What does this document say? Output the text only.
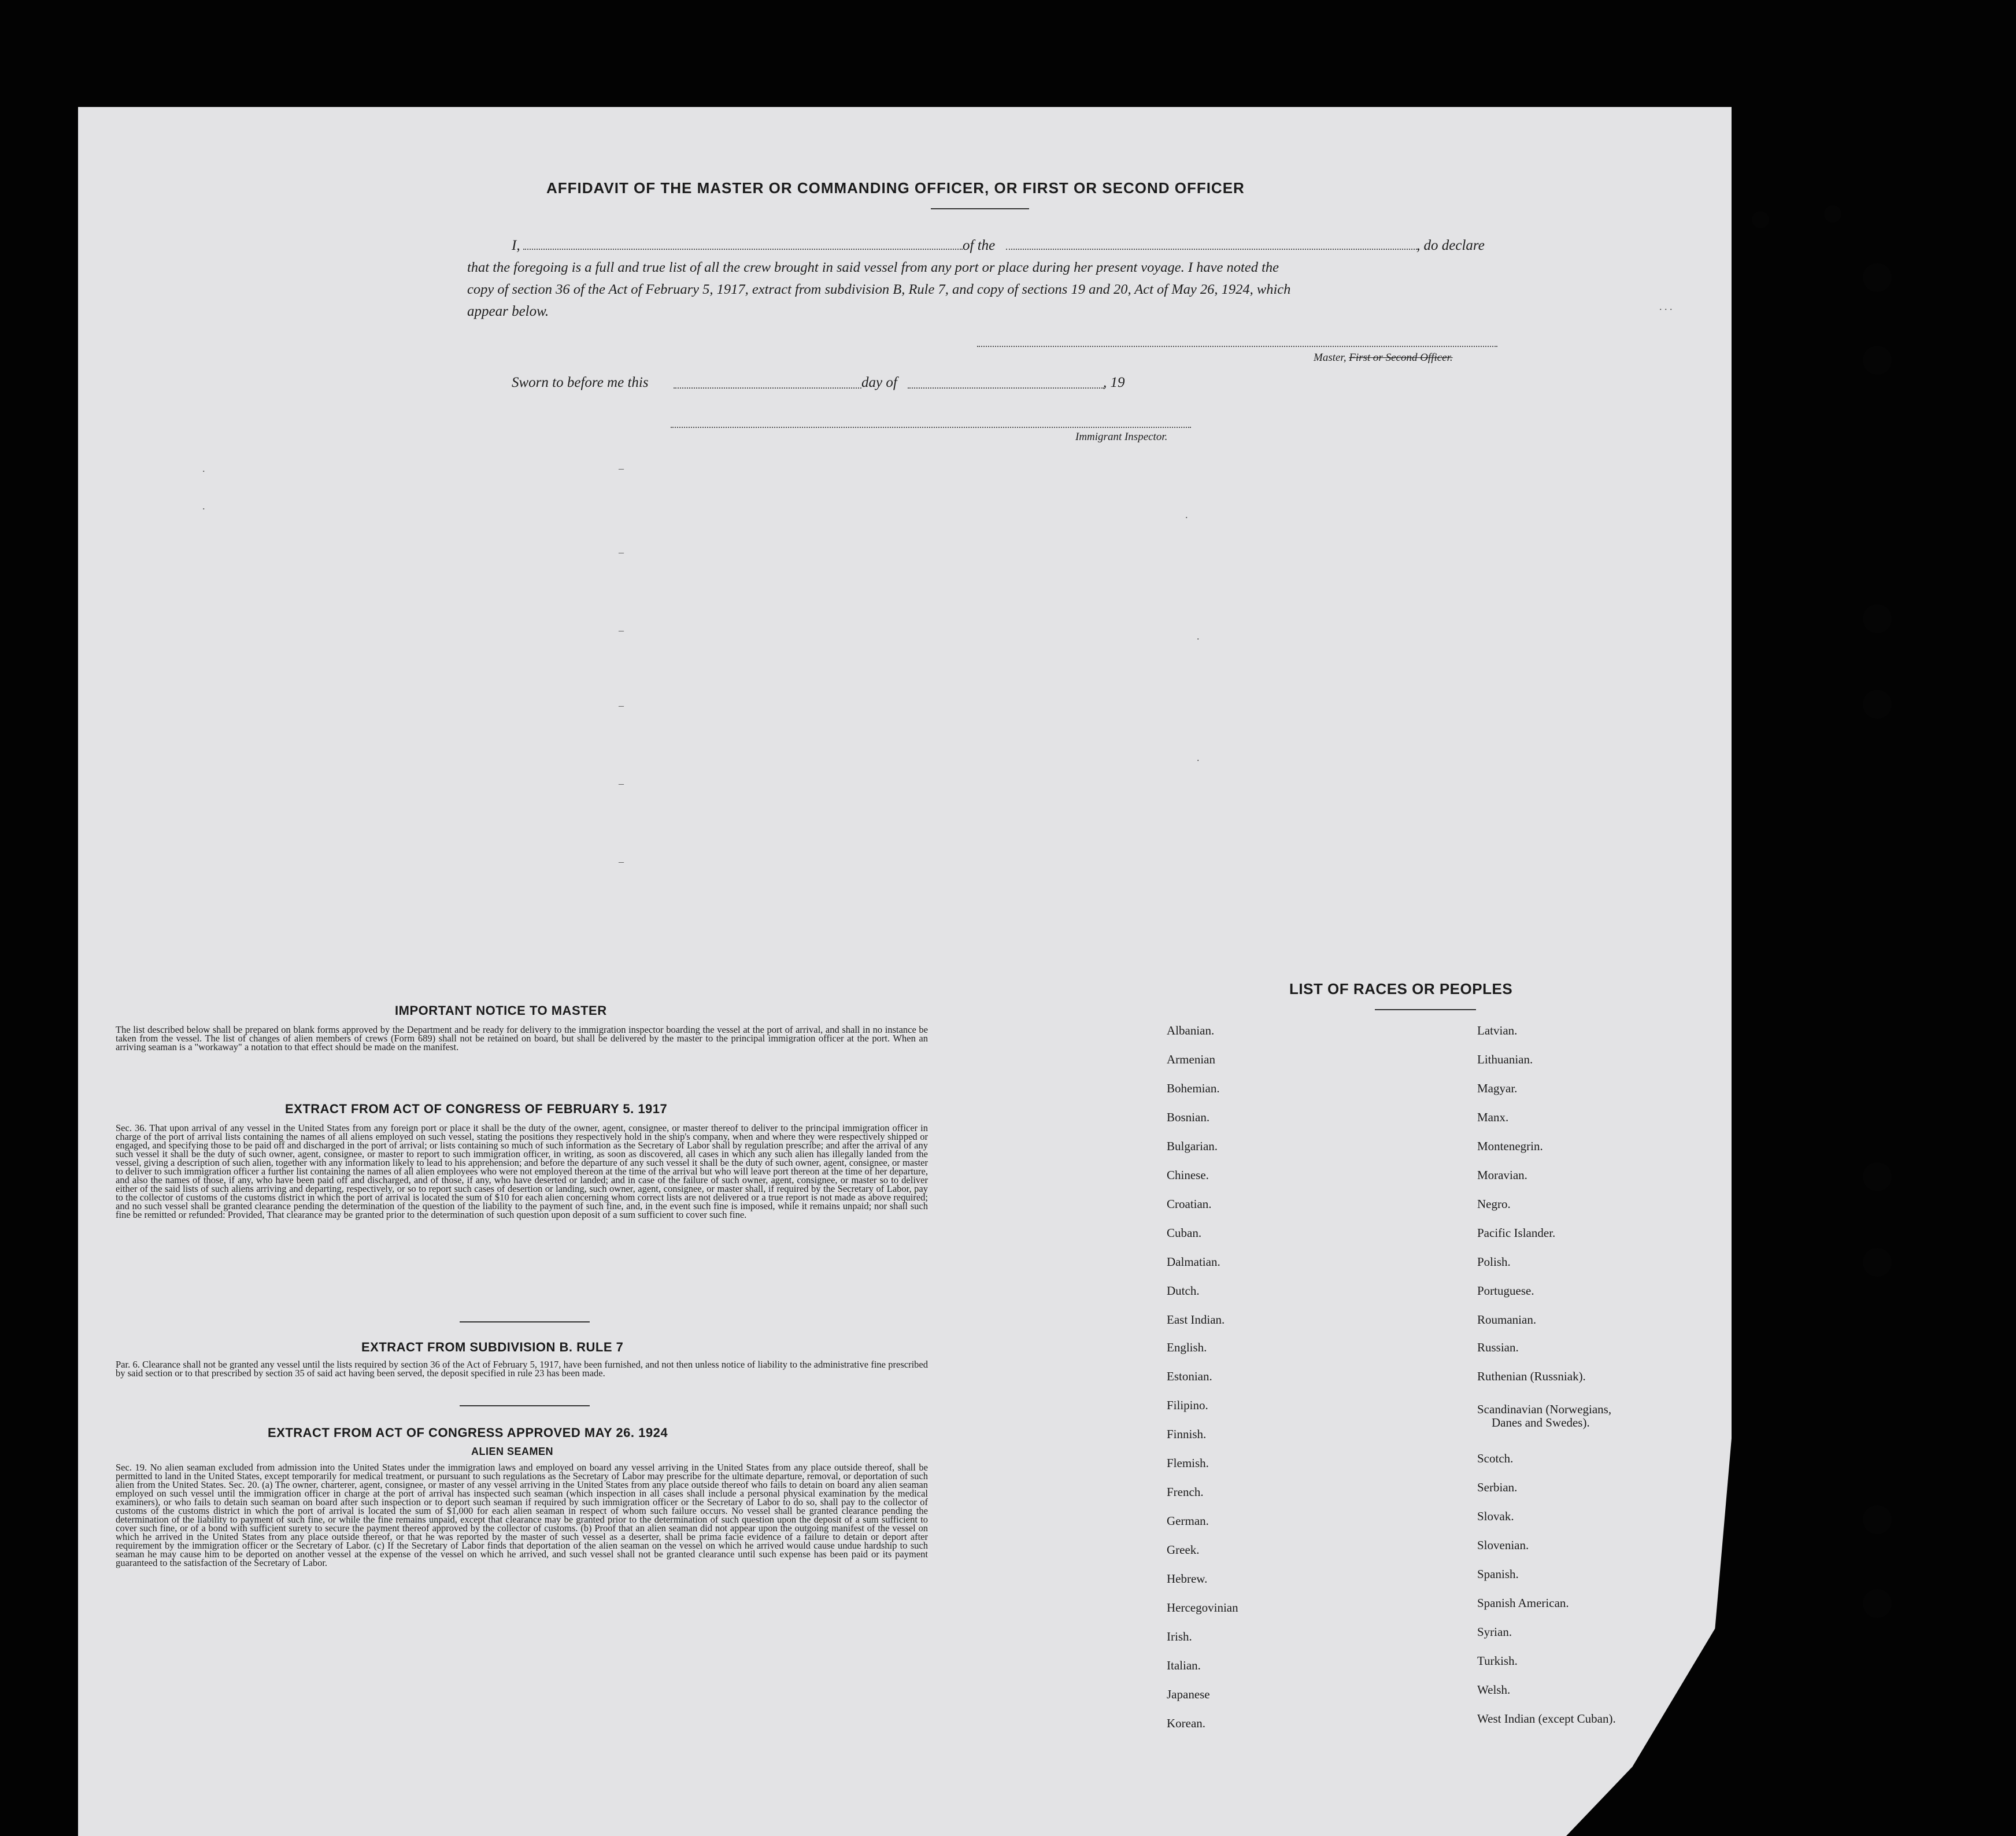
AFFIDAVIT OF THE MASTER OR COMMANDING OFFICER, OR FIRST OR SECOND OFFICER
I,	of the	, do declare
that the foregoing is a full and true list of all the crew brought in said vessel from any port or place during her present voyage. I have noted the
copy of section 36 of the Act of February 5, 1917, extract from subdivision B, Rule 7, and copy of sections 19 and 20, Act of May 26, 1924, which
appear below.
Master, First or Second Officer.
Sworn to before me this	day of	, 19
Immigrant Inspector.
.
.
–
–
–
–
–
–
.
.
.
. . .
IMPORTANT NOTICE TO MASTER
The list described below shall be prepared on blank forms approved by the Department and be ready for delivery to the immigration inspector boarding the vessel at the port of arrival, and shall in no instance be taken from the vessel. The list of changes of alien members of crews (Form 689) shall not be retained on board, but shall be delivered by the master to the principal immigration officer at the port. When an arriving seaman is a "workaway" a notation to that effect should be made on the manifest.
EXTRACT FROM ACT OF CONGRESS OF FEBRUARY 5. 1917
Sec. 36. That upon arrival of any vessel in the United States from any foreign port or place it shall be the duty of the owner, agent, consignee, or master thereof to deliver to the principal immigration officer in charge of the port of arrival lists containing the names of all aliens employed on such vessel, stating the positions they respectively hold in the ship's company, when and where they were respectively shipped or engaged, and specifying those to be paid off and discharged in the port of arrival; or lists containing so much of such information as the Secretary of Labor shall by regulation prescribe; and after the arrival of any such vessel it shall be the duty of such owner, agent, consignee, or master to report to such immigration officer, in writing, as soon as discovered, all cases in which any such alien has illegally landed from the vessel, giving a description of such alien, together with any information likely to lead to his apprehension; and before the departure of any such vessel it shall be the duty of such owner, agent, consignee, or master to deliver to such immigration officer a further list containing the names of all alien employees who were not employed thereon at the time of the arrival but who will leave port thereon at the time of her departure, and also the names of those, if any, who have been paid off and discharged, and of those, if any, who have deserted or landed; and in case of the failure of such owner, agent, consignee, or master so to deliver either of the said lists of such aliens arriving and departing, respectively, or so to report such cases of desertion or landing, such owner, agent, consignee, or master shall, if required by the Secretary of Labor, pay to the collector of customs of the customs district in which the port of arrival is located the sum of $10 for each alien concerning whom correct lists are not delivered or a true report is not made as above required; and no such vessel shall be granted clearance pending the determination of the question of the liability to the payment of such fine, and, in the event such fine is imposed, while it remains unpaid; nor shall such fine be remitted or refunded: Provided, That clearance may be granted prior to the determination of such question upon deposit of a sum sufficient to cover such fine.
EXTRACT FROM SUBDIVISION B. RULE 7
Par. 6. Clearance shall not be granted any vessel until the lists required by section 36 of the Act of February 5, 1917, have been furnished, and not then unless notice of liability to the administrative fine prescribed by said section or to that prescribed by section 35 of said act having been served, the deposit specified in rule 23 has been made.
EXTRACT FROM ACT OF CONGRESS APPROVED MAY 26. 1924
ALIEN SEAMEN
Sec. 19. No alien seaman excluded from admission into the United States under the immigration laws and employed on board any vessel arriving in the United States from any place outside thereof, shall be permitted to land in the United States, except temporarily for medical treatment, or pursuant to such regulations as the Secretary of Labor may prescribe for the ultimate departure, removal, or deportation of such alien from the United States. Sec. 20. (a) The owner, charterer, agent, consignee, or master of any vessel arriving in the United States from any place outside thereof who fails to detain on board any alien seaman employed on such vessel until the immigration officer in charge at the port of arrival has inspected such seaman (which inspection in all cases shall include a personal physical examination by the medical examiners), or who fails to detain such seaman on board after such inspection or to deport such seaman if required by such immigration officer or the Secretary of Labor to do so, shall pay to the collector of customs of the customs district in which the port of arrival is located the sum of $1,000 for each alien seaman in respect of whom such failure occurs. No vessel shall be granted clearance pending the determination of the liability to payment of such fine, or while the fine remains unpaid, except that clearance may be granted prior to the determination of such question upon the deposit of a sum sufficient to cover such fine, or of a bond with sufficient surety to secure the payment thereof approved by the collector of customs. (b) Proof that an alien seaman did not appear upon the outgoing manifest of the vessel on which he arrived in the United States from any place outside thereof, or that he was reported by the master of such vessel as a deserter, shall be prima facie evidence of a failure to detain or deport after requirement by the immigration officer or the Secretary of Labor. (c) If the Secretary of Labor finds that deportation of the alien seaman on the vessel on which he arrived would cause undue hardship to such seaman he may cause him to be deported on another vessel at the expense of the vessel on which he arrived, and such vessel shall not be granted clearance until such expense has been paid or its payment guaranteed to the satisfaction of the Secretary of Labor.
LIST OF RACES OR PEOPLES
Albanian.
Armenian
Bohemian.
Bosnian.
Bulgarian.
Chinese.
Croatian.
Cuban.
Dalmatian.
Dutch.
East Indian.
English.
Estonian.
Filipino.
Finnish.
Flemish.
French.
German.
Greek.
Hebrew.
Hercegovinian
Irish.
Italian.
Japanese
Korean.
Latvian.
Lithuanian.
Magyar.
Manx.
Montenegrin.
Moravian.
Negro.
Pacific Islander.
Polish.
Portuguese.
Roumanian.
Russian.
Ruthenian (Russniak).
Scandinavian (Norwegians,
Danes and Swedes).
Scotch.
Serbian.
Slovak.
Slovenian.
Spanish.
Spanish American.
Syrian.
Turkish.
Welsh.
West Indian (except Cuban).
